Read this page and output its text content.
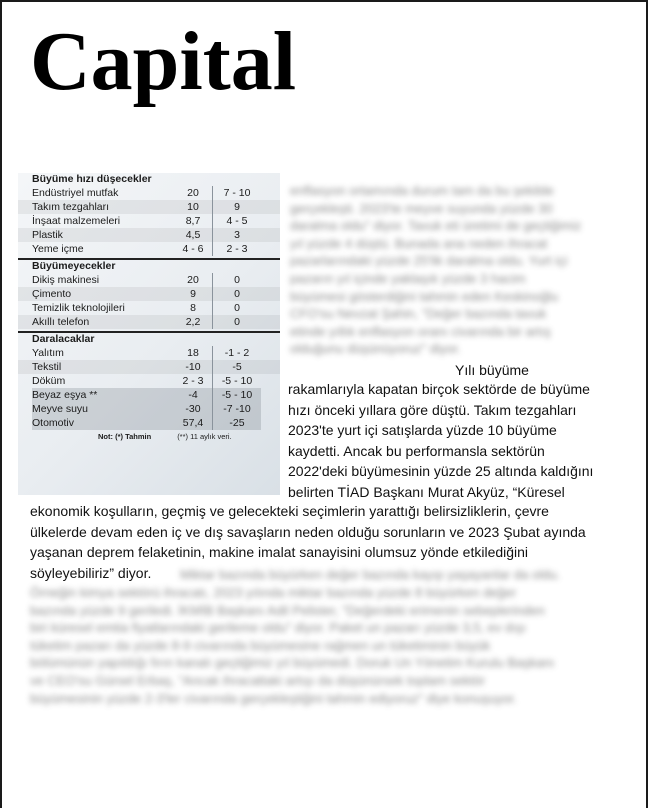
Capital
Büyüme hızı düşecekler
Endüstriyel mutfak	20	7 - 10
Takım tezgahları	10	9
İnşaat malzemeleri	8,7	4 - 5
Plastik	4,5	3
Yeme içme	4 - 6	2 - 3
Büyümeyecekler
Dikiş makinesi	20	0
Çimento	9	0
Temizlik teknolojileri	8	0
Akıllı telefon	2,2	0
Daralacaklar
Yalıtım	18	-1 - 2
Tekstil	-10	-5
Döküm	2 - 3	-5 - 10
Beyaz eşya **	-4	-5 - 10
Meyve suyu	-30	-7 -10
Otomotiv	57,4	-25
Not: (*) Tahmin	(**) 11 aylık veri.
enflasyon ortamında durum tam da bu şekilde
gerçekleşti. 2023'te meyve suyunda yüzde 30
daralma oldu" diyor. Tavuk eti üretimi de geçtiğimiz
yıl yüzde 4 düştü. Bunada ana neden ihracat
pazarlarındaki yüzde 25'lik daralma oldu. Yurt içi
pazarın yıl içinde yaklaşık yüzde 3 hacim
büyümesi gösterdiğini tahmin eden Keskinoğlu
CFO'su Nevzat Şahin, "Değer bazında tavuk
etinde yıllık enflasyon oranı civarında bir artış
olduğunu düşünüyoruz" diyor.
Yılı büyüme
rakamlarıyla kapatan birçok sektörde de büyüme
hızı önceki yıllara göre düştü. Takım tezgahları
2023'te yurt içi satışlarda yüzde 10 büyüme
kaydetti. Ancak bu performansla sektörün
2022'deki büyümesinin yüzde 25 altında kaldığını
belirten TİAD Başkanı Murat Akyüz, “Küresel
ekonomik koşulların, geçmiş ve gelecekteki seçimlerin yarattığı belirsizliklerin, çevre
ülkelerde devam eden iç ve dış savaşların neden olduğu sorunların ve 2023 Şubat ayında
yaşanan deprem felaketinin, makine imalat sanayisini olumsuz yönde etkilediğini
söyleyebiliriz” diyor. Miktar bazında büyürken değer bazında kayıp yaşayanlar da oldu.
Örneğin kimya sektörü ihracatı, 2023 yılında miktar bazında yüzde 8 büyürken değer
bazında yüzde 9 geriledi. İKMİB Başkanı Adil Pelister, "Değerdeki erimenin sebeplerinden
biri küresel emtia fiyatlarındaki gerileme oldu" diyor. Paket un pazarı yüzde 3,5, ev dışı
tüketim pazarı da yüzde 8-9 civarında büyümesine rağmen un tüketiminin büyük
bölümünün yapıldığı fırın kanalı geçtiğimiz yıl büyümedi. Doruk Un Yönetim Kurulu Başkanı
ve CEO'su Gürsel Erbaş, "Ancak ihracattaki artışı da düşünürsek toplam sektör
büyümesinin yüzde 2-3'ler civarında gerçekleştiğini tahmin ediyoruz" diye konuşuyor.
